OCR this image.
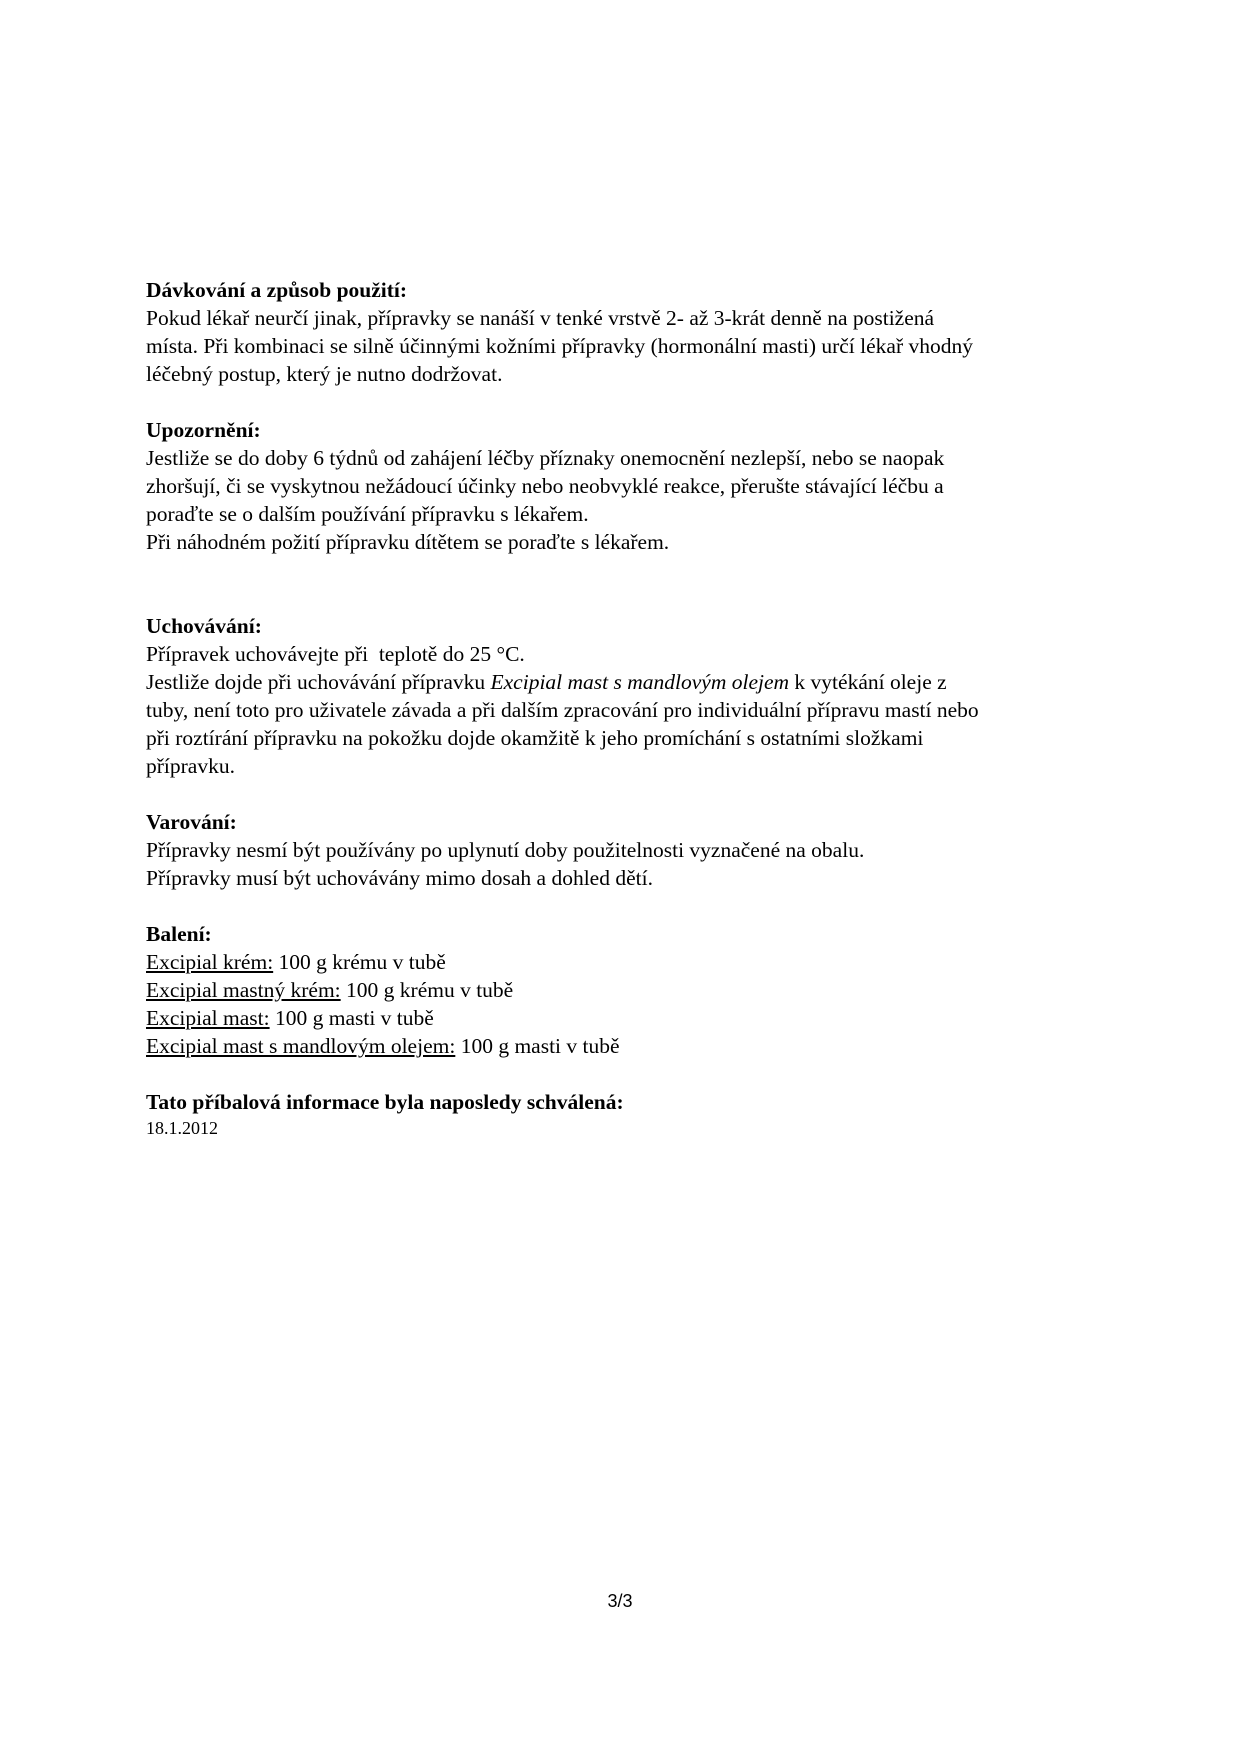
Dávkování a způsob použití:

Pokud lékař neurčí jinak, přípravky se nanáší v tenké vrstvě 2- až 3-krát denně na postižená

místa. Při kombinaci se silně účinnými kožními přípravky (hormonální masti) určí lékař vhodný

léčebný postup, který je nutno dodržovat.

Upozornění:

Jestliže se do doby 6 týdnů od zahájení léčby příznaky onemocnění nezlepší, nebo se naopak

zhoršují, či se vyskytnou nežádoucí účinky nebo neobvyklé reakce, přerušte stávající léčbu a

poraďte se o dalším používání přípravku s lékařem.

Při náhodném požití přípravku dítětem se poraďte s lékařem.

Uchovávání:

Přípravek uchovávejte při  teplotě do 25 °C.

Jestliže dojde při uchovávání přípravku Excipial mast s mandlovým olejem k vytékání oleje z

tuby, není toto pro uživatele závada a při dalším zpracování pro individuální přípravu mastí nebo

při roztírání přípravku na pokožku dojde okamžitě k jeho promíchání s ostatními složkami

přípravku.

Varování:

Přípravky nesmí být používány po uplynutí doby použitelnosti vyznačené na obalu.

Přípravky musí být uchovávány mimo dosah a dohled dětí.

Balení:

Excipial krém: 100 g krému v tubě

Excipial mastný krém: 100 g krému v tubě

Excipial mast: 100 g masti v tubě

Excipial mast s mandlovým olejem: 100 g masti v tubě

Tato příbalová informace byla naposledy schválená:

18.1.2012

3/3
